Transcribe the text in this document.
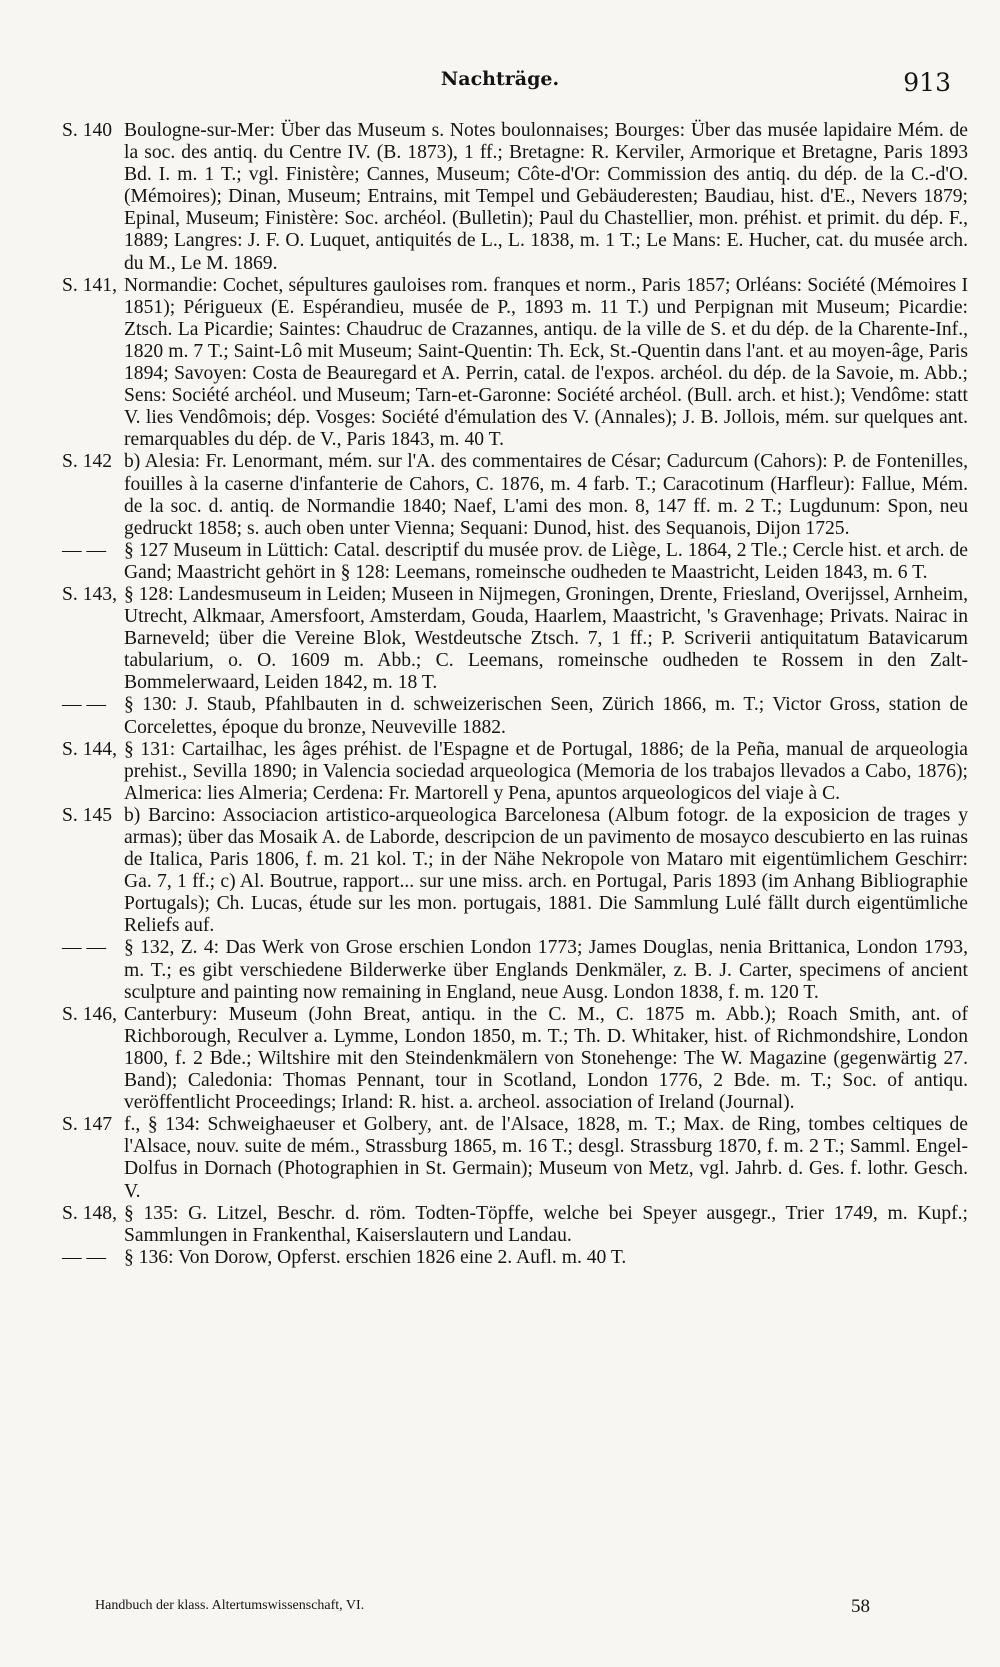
Nachträge.	913

S. 140 Boulogne-sur-Mer: Über das Museum s. Notes boulonnaises; Bourges: Über das musée lapidaire Mém. de la soc. des antiq. du Centre IV. (B. 1873), 1 ff.; Bretagne: R. Kerviler, Armorique et Bretagne, Paris 1893 Bd. I. m. 1 T.; vgl. Finistère; Cannes, Museum; Côte-d'Or: Commission des antiq. du dép. de la C.-d'O. (Mémoires); Dinan, Museum; Entrains, mit Tempel und Gebäuderesten; Baudiau, hist. d'E., Nevers 1879; Epinal, Museum; Finistère: Soc. archéol. (Bulletin); Paul du Chastellier, mon. préhist. et primit. du dép. F., 1889; Langres: J. F. O. Luquet, antiquités de L., L. 1838, m. 1 T.; Le Mans: E. Hucher, cat. du musée arch. du M., Le M. 1869.

S. 141, Normandie: Cochet, sépultures gauloises rom. franques et norm., Paris 1857; Orléans: Société (Mémoires I 1851); Périgueux (E. Espérandieu, musée de P., 1893 m. 11 T.) und Perpignan mit Museum; Picardie: Ztsch. La Picardie; Saintes: Chaudruc de Crazannes, antiqu. de la ville de S. et du dép. de la Charente-Inf., 1820 m. 7 T.; Saint-Lô mit Museum; Saint-Quentin: Th. Eck, St.-Quentin dans l'ant. et au moyen-âge, Paris 1894; Savoyen: Costa de Beauregard et A. Perrin, catal. de l'expos. archéol. du dép. de la Savoie, m. Abb.; Sens: Société archéol. und Museum; Tarn-et-Garonne: Société archéol. (Bull. arch. et hist.); Vendôme: statt V. lies Vendômois; dép. Vosges: Société d'émulation des V. (Annales); J. B. Jollois, mém. sur quelques ant. remarquables du dép. de V., Paris 1843, m. 40 T.

S. 142 b) Alesia: Fr. Lenormant, mém. sur l'A. des commentaires de César; Cadurcum (Cahors): P. de Fontenilles, fouilles à la caserne d'infanterie de Cahors, C. 1876, m. 4 farb. T.; Caracotinum (Harfleur): Fallue, Mém. de la soc. d. antiq. de Normandie 1840; Naef, L'ami des mon. 8, 147 ff. m. 2 T.; Lugdunum: Spon, neu gedruckt 1858; s. auch oben unter Vienna; Sequani: Dunod, hist. des Sequanois, Dijon 1725.

— — § 127 Museum in Lüttich: Catal. descriptif du musée prov. de Liège, L. 1864, 2 Tle.; Cercle hist. et arch. de Gand; Maastricht gehört in § 128: Leemans, romeinsche oudheden te Maastricht, Leiden 1843, m. 6 T.

S. 143, § 128: Landesmuseum in Leiden; Museen in Nijmegen, Groningen, Drente, Friesland, Overijssel, Arnheim, Utrecht, Alkmaar, Amersfoort, Amsterdam, Gouda, Haarlem, Maastricht, 's Gravenhage; Privats. Nairac in Barneveld; über die Vereine Blok, Westdeutsche Ztsch. 7, 1 ff.; P. Scriverii antiquitatum Batavicarum tabularium, o. O. 1609 m. Abb.; C. Leemans, romeinsche oudheden te Rossem in den Zalt-Bommelerwaard, Leiden 1842, m. 18 T.

— — § 130: J. Staub, Pfahlbauten in d. schweizerischen Seen, Zürich 1866, m. T.; Victor Gross, station de Corcelettes, époque du bronze, Neuveville 1882.

S. 144, § 131: Cartailhac, les âges préhist. de l'Espagne et de Portugal, 1886; de la Peña, manual de arqueologia prehist., Sevilla 1890; in Valencia sociedad arqueologica (Memoria de los trabajos llevados a Cabo, 1876); Almerica: lies Almeria; Cerdena: Fr. Martorell y Pena, apuntos arqueologicos del viaje à C.

S. 145 b) Barcino: Associacion artistico-arqueologica Barcelonesa (Album fotogr. de la exposicion de trages y armas); über das Mosaik A. de Laborde, descripcion de un pavimento de mosayco descubierto en las ruinas de Italica, Paris 1806, f. m. 21 kol. T.; in der Nähe Nekropole von Mataro mit eigentümlichem Geschirr: Ga. 7, 1 ff.; c) Al. Boutrue, rapport... sur une miss. arch. en Portugal, Paris 1893 (im Anhang Bibliographie Portugals); Ch. Lucas, étude sur les mon. portugais, 1881. Die Sammlung Lulé fällt durch eigentümliche Reliefs auf.

— — § 132, Z. 4: Das Werk von Grose erschien London 1773; James Douglas, nenia Brittanica, London 1793, m. T.; es gibt verschiedene Bilderwerke über Englands Denkmäler, z. B. J. Carter, specimens of ancient sculpture and painting now remaining in England, neue Ausg. London 1838, f. m. 120 T.

S. 146, Canterbury: Museum (John Breat, antiqu. in the C. M., C. 1875 m. Abb.); Roach Smith, ant. of Richborough, Reculver a. Lymme, London 1850, m. T.; Th. D. Whitaker, hist. of Richmondshire, London 1800, f. 2 Bde.; Wiltshire mit den Steindenkmälern von Stonehenge: The W. Magazine (gegenwärtig 27. Band); Caledonia: Thomas Pennant, tour in Scotland, London 1776, 2 Bde. m. T.; Soc. of antiqu. veröffentlicht Proceedings; Irland: R. hist. a. archeol. association of Ireland (Journal).

S. 147 f., § 134: Schweighaeuser et Golbery, ant. de l'Alsace, 1828, m. T.; Max. de Ring, tombes celtiques de l'Alsace, nouv. suite de mém., Strassburg 1865, m. 16 T.; desgl. Strassburg 1870, f. m. 2 T.; Samml. Engel-Dolfus in Dornach (Photographien in St. Germain); Museum von Metz, vgl. Jahrb. d. Ges. f. lothr. Gesch. V.

S. 148, § 135: G. Litzel, Beschr. d. röm. Todten-Töpffe, welche bei Speyer ausgegr., Trier 1749, m. Kupf.; Sammlungen in Frankenthal, Kaiserslautern und Landau.

— — § 136: Von Dorow, Opferst. erschien 1826 eine 2. Aufl. m. 40 T.

Handbuch der klass. Altertumswissenschaft, VI.	58
